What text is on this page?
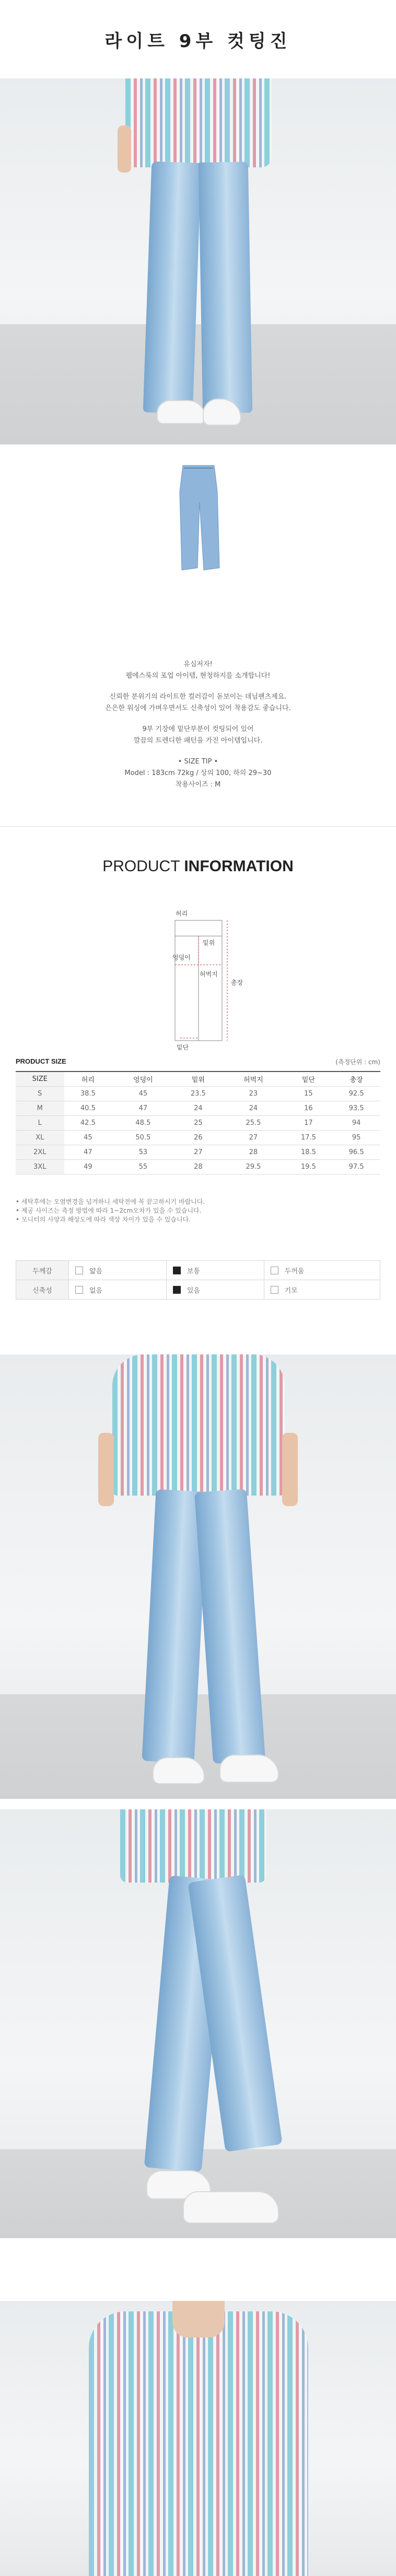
라이트 9부 컷팅진

유심저자!
웹에스룩의 포업 아이템, 현청하지를 소개합니다!

신뢰한 분위기의 라이트한 컬러감이 돋보이는 데님팬츠제요.
은은한 워싱에 가벼우면서도 신축성이 있어 착용감도 좋습니다.

9부 기장에 밑단부분이 컷팅되어 있어
깔끔의 트렌디한 패턴을 가진 아이템입니다.

• SIZE TIP •
Model : 183cm 72kg / 상의 100, 하의 29~30
착용사이즈 : M

PRODUCT INFORMATION
허리
밑위
엉덩이
허벅지
총장
밑단
PRODUCT SIZE	(측정단위 : cm)
SIZE	허리	엉덩이	밑위	허벅지	밑단	총장
S	38.5	45	23.5	23	15	92.5
M	40.5	47	24	24	16	93.5
L	42.5	48.5	25	25.5	17	94
XL	45	50.5	26	27	17.5	95
2XL	47	53	27	28	18.5	96.5
3XL	49	55	28	29.5	19.5	97.5
• 세탁후에는 오염변경을 넘겨하니 세탁전에 꼭 끝고하시기 바랍니다.
• 제공 사이즈는 측정 방법에 따라 1~2cm오차가 있을 수 있습니다.
• 모니터의 사양과 해상도에 따라 색상 차이가 있을 수 있습니다.
두께감	얇음	보통	두꺼움
신축성	없음	있음	기모
